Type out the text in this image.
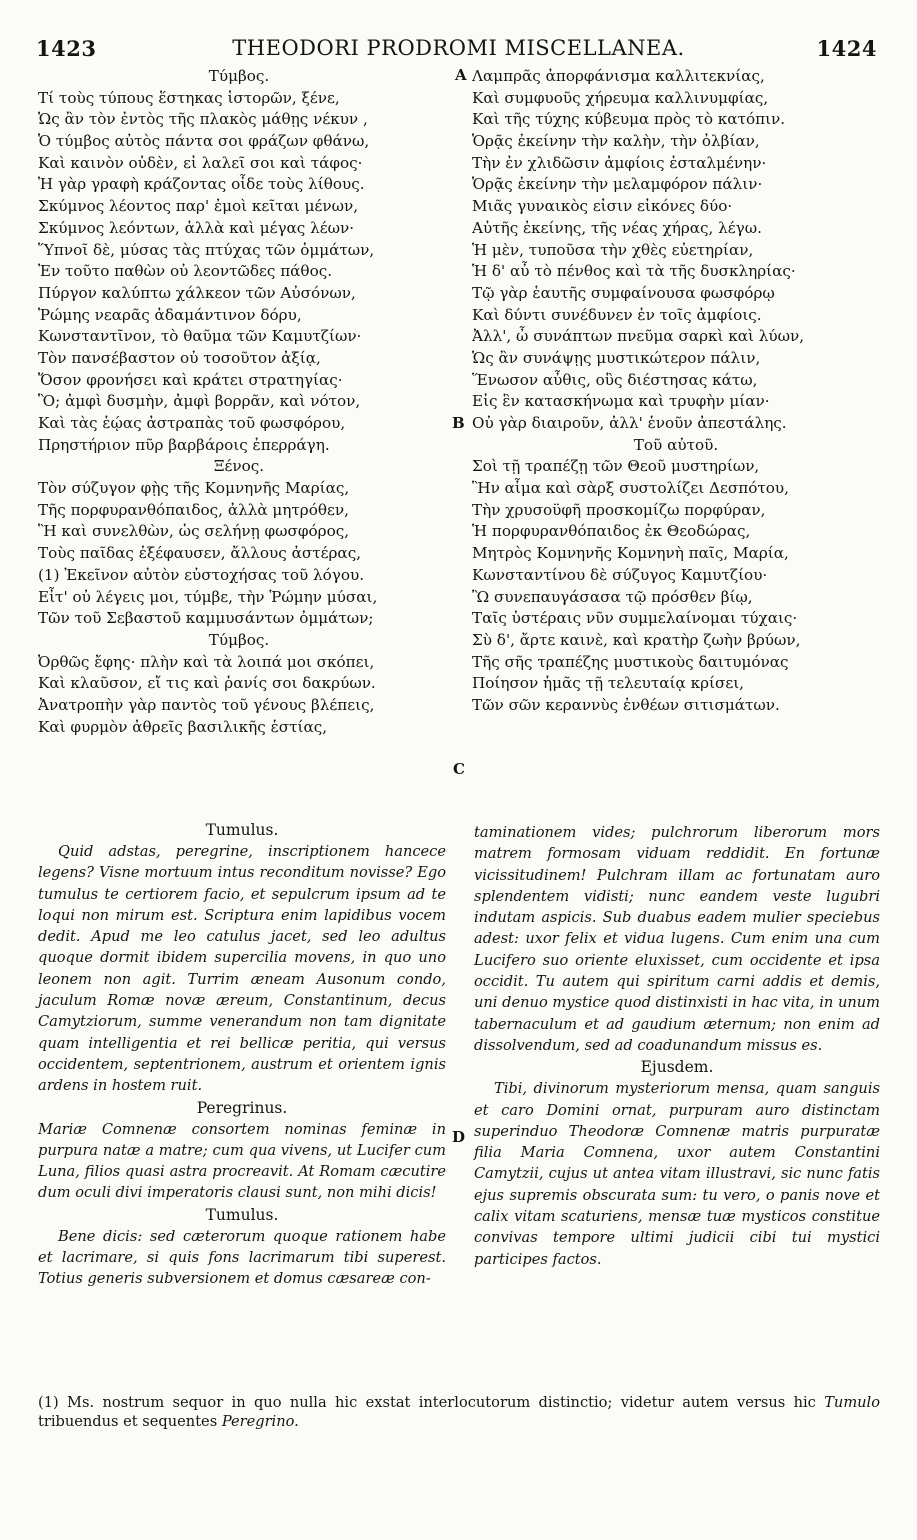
1423	THEODORI PRODROMI MISCELLANEA.	1424
Τύμβος.
Τί τοὺς τύπους ἕστηκας ἱστορῶν, ξένε,
Ὡς ἂν τὸν ἐντὸς τῆς πλακὸς μάθῃς νέκυν ,
Ὁ τύμβος αὐτὸς πάντα σοι φράζων φθάνω,
Καὶ καινὸν οὐδὲν, εἰ λαλεῖ σοι καὶ τάφος·
Ἡ γὰρ γραφὴ κράζοντας οἶδε τοὺς λίθους.
Σκύμνος λέοντος παρ' ἐμοὶ κεῖται μένων,
Σκύμνος λεόντων, ἀλλὰ καὶ μέγας λέων·
Ὕπνοῖ δὲ, μύσας τὰς πτύχας τῶν ὀμμάτων,
Ἐν τοῦτο παθὼν οὐ λεοντῶδες πάθος.
Πύργον καλύπτω χάλκεον τῶν Αὐσόνων,
Ῥώμης νεαρᾶς ἀδαμάντινον δόρυ,
Κωνσταντῖνον, τὸ θαῦμα τῶν Καμυτζίων·
Τὸν πανσέβαστον οὐ τοσοῦτον ἀξίᾳ,
Ὅσον φρονήσει καὶ κράτει στρατηγίας·
Ὃ; ἀμφὶ δυσμὴν, ἀμφὶ βορρᾶν, καὶ νότον,
Καὶ τὰς ἑῴας ἀστραπὰς τοῦ φωσφόρου,
Πρηστήριον πῦρ βαρβάροις ἐπερράγη.
Ξένος.
Τὸν σύζυγον φῂς τῆς Κομνηνῆς Μαρίας,
Τῆς πορφυρανθόπαιδος, ἀλλὰ μητρόθεν,
Ἣ καὶ συνελθὼν, ὡς σελήνῃ φωσφόρος,
Τοὺς παῖδας ἐξέφαυσεν, ἄλλους ἀστέρας,
(1) Ἐκεῖνον αὐτὸν εὐστοχήσας τοῦ λόγου.
Εἶτ' οὐ λέγεις μοι, τύμβε, τὴν Ῥώμην μύσαι,
Τῶν τοῦ Σεβαστοῦ καμμυσάντων ὀμμάτων;
Τύμβος.
Ὀρθῶς ἔφης· πλὴν καὶ τὰ λοιπά μοι σκόπει,
Καὶ κλαῦσον, εἴ τις καὶ ῥανίς σοι δακρύων.
Ἀνατροπὴν γὰρ παντὸς τοῦ γένους βλέπεις,
Καὶ φυρμὸν ἀθρεῖς βασιλικῆς ἑστίας,
Λαμπρᾶς ἀπορφάνισμα καλλιτεκνίας,
Καὶ συμφυοῦς χήρευμα καλλινυμφίας,
Καὶ τῆς τύχης κύβευμα πρὸς τὸ κατόπιν.
Ὁρᾷς ἐκείνην τὴν καλὴν, τὴν ὀλβίαν,
Τὴν ἐν χλιδῶσιν ἀμφίοις ἐσταλμένην·
Ὁρᾷς ἐκείνην τὴν μελαμφόρον πάλιν·
Μιᾶς γυναικὸς εἰσιν εἰκόνες δύο·
Αὐτῆς ἐκείνης, τῆς νέας χήρας, λέγω.
Ἡ μὲν, τυποῦσα τὴν χθὲς εὐετηρίαν,
Ἡ δ' αὖ τὸ πένθος καὶ τὰ τῆς δυσκληρίας·
Τῷ γὰρ ἑαυτῆς συμφαίνουσα φωσφόρῳ
Καὶ δύντι συνέδυνεν ἐν τοῖς ἀμφίοις.
Ἀλλ', ὦ συνάπτων πνεῦμα σαρκὶ καὶ λύων,
Ὡς ἂν συνάψῃς μυστικώτερον πάλιν,
Ἕνωσον αὖθις, οὓς διέστησας κάτω,
Εἰς ἓν κατασκήνωμα καὶ τρυφὴν μίαν·
Οὐ γὰρ διαιροῦν, ἀλλ' ἑνοῦν ἀπεστάλης.
Τοῦ αὐτοῦ.
Σοὶ τῇ τραπέζῃ τῶν Θεοῦ μυστηρίων,
Ἣν αἷμα καὶ σὰρξ συστολίζει Δεσπότου,
Τὴν χρυσοϋφῆ προσκομίζω πορφύραν,
Ἡ πορφυρανθόπαιδος ἐκ Θεοδώρας,
Μητρὸς Κομνηνῆς Κομνηνὴ παῖς, Μαρία,
Κωνσταντίνου δὲ σύζυγος Καμυτζίου·
Ὢ συνεπαυγάσασα τῷ πρόσθεν βίῳ,
Ταῖς ὑστέραις νῦν συμμελαίνομαι τύχαις·
Σὺ δ', ἄρτε καινὲ, καὶ κρατὴρ ζωὴν βρύων,
Τῆς σῆς τραπέζης μυστικοὺς δαιτυμόνας
Ποίησον ἡμᾶς τῇ τελευταίᾳ κρίσει,
Τῶν σῶν κεραννὺς ἐνθέων σιτισμάτων.
A
B
C
D
Tumulus.
Quid adstas, peregrine, inscriptionem hancece legens? Visne mortuum intus reconditum novisse? Ego tumulus te certiorem facio, et sepulcrum ipsum ad te loqui non mirum est. Scriptura enim lapidibus vocem dedit. Apud me leo catulus jacet, sed leo adultus quoque dormit ibidem supercilia movens, in quo uno leonem non agit. Turrim æneam Ausonum condo, jaculum Romæ novæ æreum, Constantinum, decus Camytziorum, summe venerandum non tam dignitate quam intelligentia et rei bellicæ peritia, qui versus occidentem, septentrionem, austrum et orientem ignis ardens in hostem ruit.
Peregrinus.
Mariæ Comnenæ consortem nominas feminæ in purpura natæ a matre; cum qua vivens, ut Lucifer cum Luna, filios quasi astra procreavit. At Romam cæcutire dum oculi divi imperatoris clausi sunt, non mihi dicis!
Tumulus.
Bene dicis: sed cæterorum quoque rationem habe et lacrimare, si quis fons lacrimarum tibi superest. Totius generis subversionem et domus cæsareæ con-
taminationem vides; pulchrorum liberorum mors matrem formosam viduam reddidit. En fortunæ vicissitudinem! Pulchram illam ac fortunatam auro splendentem vidisti; nunc eandem veste lugubri indutam aspicis. Sub duabus eadem mulier speciebus adest: uxor felix et vidua lugens. Cum enim una cum Lucifero suo oriente eluxisset, cum occidente et ipsa occidit. Tu autem qui spiritum carni addis et demis, uni denuo mystice quod distinxisti in hac vita, in unum tabernaculum et ad gaudium æternum; non enim ad dissolvendum, sed ad coadunandum missus es.
Ejusdem.
Tibi, divinorum mysteriorum mensa, quam sanguis et caro Domini ornat, purpuram auro distinctam superinduo Theodoræ Comnenæ matris purpuratæ filia Maria Comnena, uxor autem Constantini Camytzii, cujus ut antea vitam illustravi, sic nunc fatis ejus supremis obscurata sum: tu vero, o panis nove et calix vitam scaturiens, mensæ tuæ mysticos constitue convivas tempore ultimi judicii cibi tui mystici participes factos.
(1) Ms. nostrum sequor in quo nulla hic exstat interlocutorum distinctio; videtur autem versus hic Tumulo tribuendus et sequentes Peregrino.
